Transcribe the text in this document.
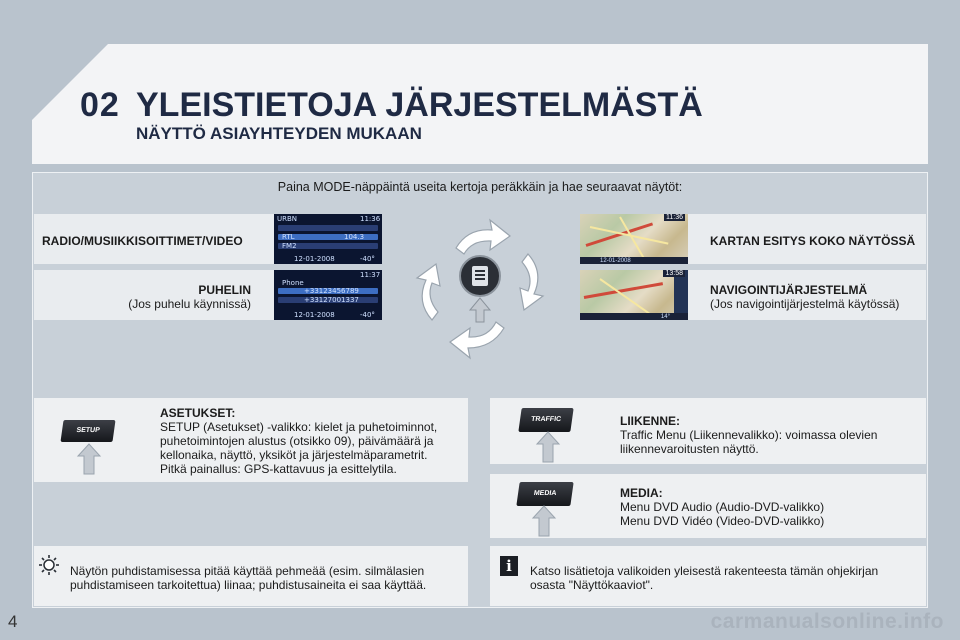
02 YLEISTIETOJA JÄRJESTELMÄSTÄ
NÄYTTÖ ASIAYHTEYDEN MUKAAN
Paina MODE-näppäintä useita kertoja peräkkäin ja hae seuraavat näytöt:
RADIO/MUSIIKKISOITTIMET/VIDEO
PUHELIN
(Jos puhelu käynnissä)
URBN	11:36
RTL	104.3
FM2
12-01-2008	-40°
11:37
Phone
+33123456789
+33127001337
12-01-2008	-40°
KARTAN ESITYS KOKO NÄYTÖSSÄ
NAVIGOINTIJÄRJESTELMÄ
(Jos navigointijärjestelmä käytössä)
11:36
12-01-2008
13:58
14°
SETUP
ASETUKSET:
SETUP (Asetukset) -valikko: kielet ja puhetoiminnot,
puhetoimintojen alustus (otsikko 09), päivämäärä ja
kellonaika, näyttö, yksiköt ja järjestelmäparametrit.
Pitkä painallus: GPS-kattavuus ja esittelytila.
TRAFFIC	LIIKENNE:
Traffic Menu (Liikennevalikko): voimassa olevien
liikennevaroitusten näyttö.
MEDIA	MEDIA:
Menu DVD Audio (Audio-DVD-valikko)
Menu DVD Vidéo (Video-DVD-valikko)
Näytön puhdistamisessa pitää käyttää pehmeää (esim. silmälasien
puhdistamiseen tarkoitettua) liinaa; puhdistusaineita ei saa käyttää.
i	Katso lisätietoja valikoiden yleisestä rakenteesta tämän ohjekirjan
osasta "Näyttökaaviot".
4	carmanualsonline.info
